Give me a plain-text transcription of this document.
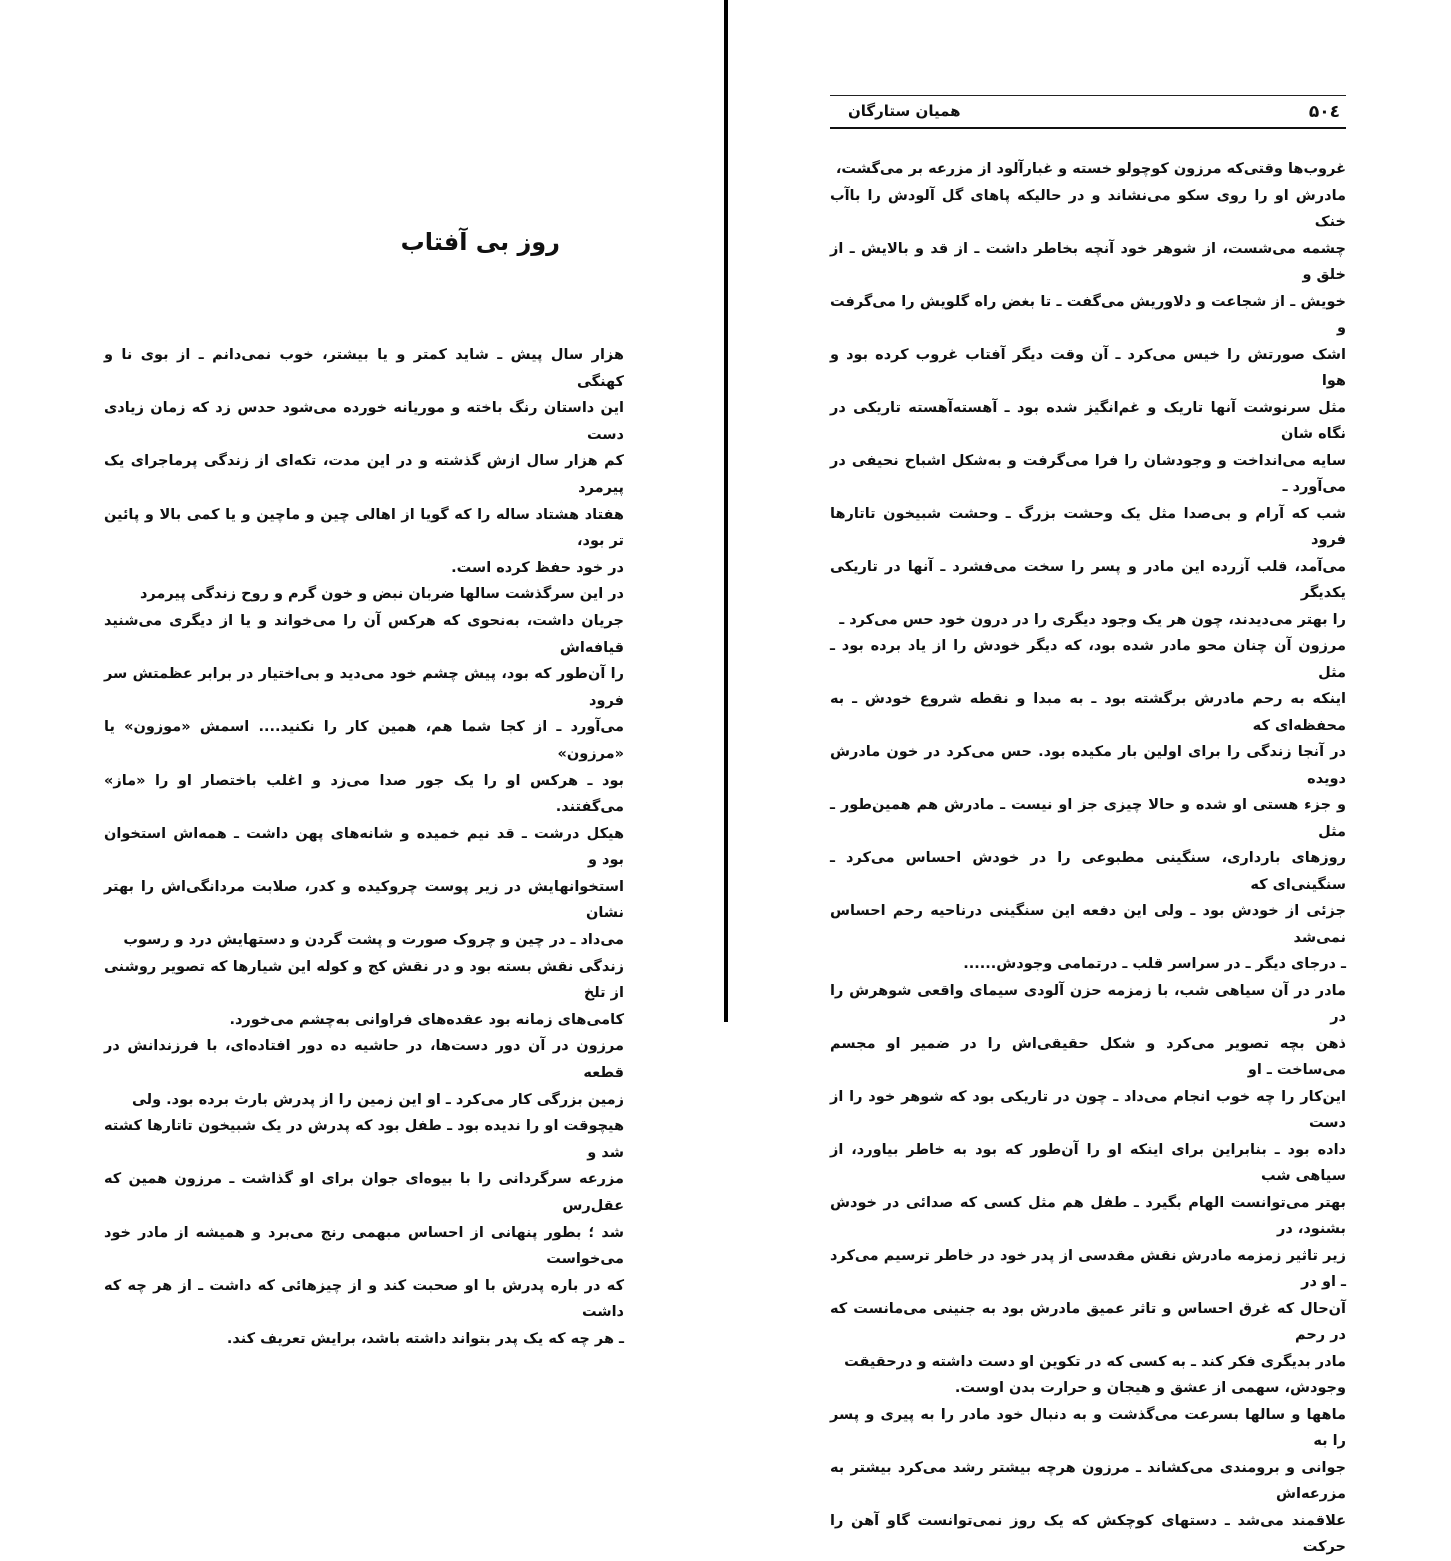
روز بی آفتاب

هزار سال پیش ـ شاید کمتر و یا بیشتر، خوب نمی‌دانم ـ از بوی نا و کهنگی

این داستان رنگ باخته و موریانه خورده می‌شود حدس زد که زمان زیادی دست

کم هزار سال ازش گذشته و در این مدت، تکه‌ای از زندگی پرماجرای یک پیرمرد

هفتاد هشتاد ساله را که گویا از اهالی چین و ماچین و یا کمی بالا و پائین تر بود،

در خود حفظ کرده است.

در این سرگذشت سالها ضربان نبض و خون گرم و روح زندگی پیرمرد

جریان داشت، به‌نحوی که هرکس آن را می‌خواند و یا از دیگری می‌شنید قیافه‌اش

را آن‌طور که بود، پیش چشم خود می‌دید و بی‌اختیار در برابر عظمتش سر فرود

می‌آورد ـ از کجا شما هم، همین کار را نکنید.... اسمش «موزون» یا «مرزون»

بود ـ هرکس او را یک جور صدا می‌زد و اغلب باختصار او را «ماز» می‌گفتند.

هیکل درشت ـ قد نیم خمیده و شانه‌های پهن داشت ـ همه‌اش استخوان بود و

استخوانهایش در زیر پوست چروکیده و کدر، صلابت مردانگی‌اش را بهتر نشان

می‌داد ـ در چین و چروک صورت و پشت گردن و دستهایش درد و رسوب

زندگی نقش بسته بود و در نقش کج و کوله این شیارها که تصویر روشنی از تلخ

کامی‌های زمانه بود عقده‌های فراوانی به‌چشم می‌خورد.

مرزون در آن دور دست‌ها، در حاشیه ده دور افتاده‌ای، با فرزندانش در قطعه

زمین بزرگی کار می‌کرد ـ او این زمین را از پدرش بارث برده بود. ولی

هیچوقت او را ندیده بود ـ طفل بود که پدرش در یک شبیخون تاتارها کشته شد و

مزرعه سرگردانی را با بیوه‌ای جوان برای او گذاشت ـ مرزون همین که عقل‌رس

شد ؛ بطور پنهانی از احساس مبهمی رنج می‌برد و همیشه از مادر خود می‌خواست

که در باره پدرش با او صحبت کند و از چیزهائی که داشت ـ از هر چه که داشت

ـ هر چه که یک پدر بتواند داشته باشد، برایش تعریف کند.

۵۰٤
همیان ستارگان

غروب‌ها وقتی‌که مرزون کوچولو خسته و غبارآلود از مزرعه بر می‌گشت،

مادرش او را روی سکو می‌نشاند و در حالیکه پاهای گل آلودش را باآب خنک

چشمه می‌شست، از شوهر خود آنچه بخاطر داشت ـ از قد و بالایش ـ از خلق و

خویش ـ از شجاعت و دلاوریش می‌گفت ـ تا بغض راه گلویش را می‌گرفت و

اشک صورتش را خیس می‌کرد ـ آن وقت دیگر آفتاب غروب کرده بود و هوا

مثل سرنوشت آنها تاریک و غم‌انگیز شده بود ـ آهسته‌آهسته تاریکی در نگاه شان

سایه می‌انداخت و وجودشان را فرا می‌گرفت و به‌شکل اشباح نحیفی در می‌آورد ـ

شب که آرام و بی‌صدا مثل یک وحشت بزرگ ـ وحشت شبیخون تاتارها فرود

می‌آمد، قلب آزرده این مادر و پسر را سخت می‌فشرد ـ آنها در تاریکی یکدیگر

را بهتر می‌دیدند، چون هر یک وجود دیگری را در درون خود حس می‌کرد ـ

مرزون آن چنان محو مادر شده بود، که دیگر خودش را از یاد برده بود ـ مثل

اینکه به رحم مادرش برگشته بود ـ به مبدا و نقطه شروع خودش ـ به محفظه‌ای که

در آنجا زندگی را برای اولین بار مکیده بود. حس می‌کرد در خون مادرش دویده

و جزء هستی او شده و حالا چیزی جز او نیست ـ مادرش هم همین‌طور ـ مثل

روزهای بارداری، سنگینی مطبوعی را در خودش احساس می‌کرد ـ سنگینی‌ای که

جزئی از خودش بود ـ ولی این دفعه این سنگینی درناحیه رحم احساس نمی‌شد

ـ درجای دیگر ـ در سراسر قلب ـ درتمامی وجودش......

مادر در آن سیاهی شب، با زمزمه حزن آلودی سیمای واقعی شوهرش را در

ذهن بچه تصویر می‌کرد و شکل حقیقی‌اش را در ضمیر او مجسم می‌ساخت ـ او

این‌کار را چه خوب انجام می‌داد ـ چون در تاریکی بود که شوهر خود را از دست

داده بود ـ بنابراین برای اینکه او را آن‌طور که بود به خاطر بیاورد، از سیاهی شب

بهتر می‌توانست الهام بگیرد ـ طفل هم مثل کسی که صدائی در خودش بشنود، در

زیر تاثیر زمزمه مادرش نقش مقدسی از پدر خود در خاطر ترسیم می‌کرد ـ او در

آن‌حال که غرق احساس و تاثر عمیق مادرش بود به جنینی می‌مانست که در رحم

مادر بدیگری فکر کند ـ به کسی که در تکوین او دست داشته و درحقیقت

وجودش، سهمی از عشق و هیجان و حرارت بدن اوست.

ماهها و سالها بسرعت می‌گذشت و به دنبال خود مادر را به پیری و پسر را به

جوانی و برومندی می‌کشاند ـ مرزون هرچه بیشتر رشد می‌کرد بیشتر به مزرعه‌اش

علاقمند می‌شد ـ دستهای کوچکش که یک روز نمی‌توانست گاو آهن را حرکت
